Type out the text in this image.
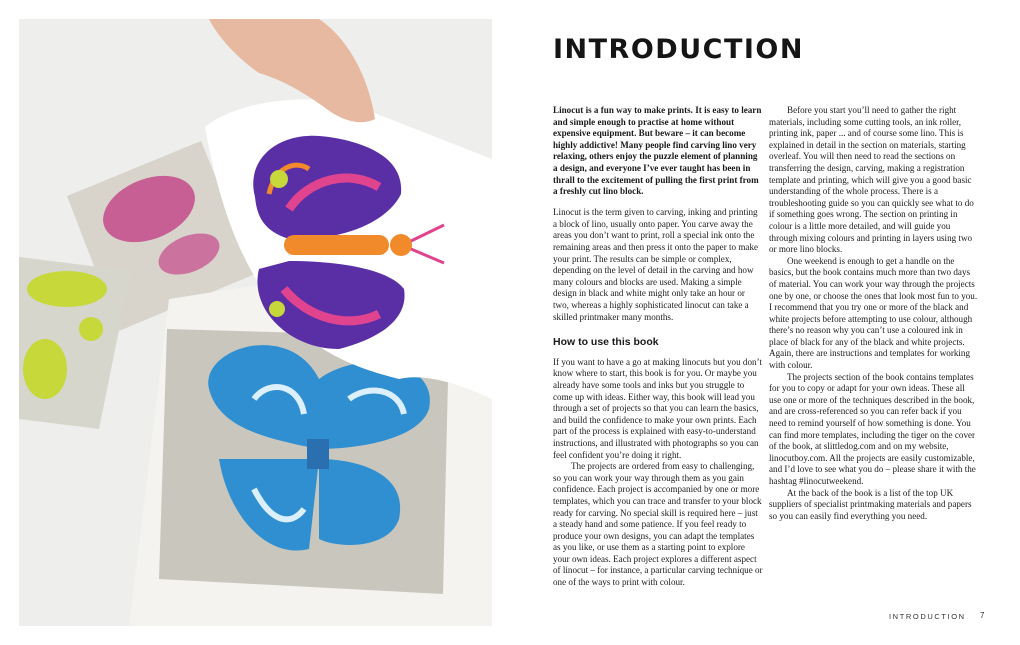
INTRODUCTION

Linocut is a fun way to make prints. It is easy to learn and simple enough to practise at home without expensive equipment. But beware – it can become highly addictive! Many people find carving lino very relaxing, others enjoy the puzzle element of planning a design, and everyone I’ve ever taught has been in thrall to the excitement of pulling the first print from a freshly cut lino block.

Linocut is the term given to carving, inking and printing a block of lino, usually onto paper. You carve away the areas you don’t want to print, roll a special ink onto the remaining areas and then press it onto the paper to make your print. The results can be simple or complex, depending on the level of detail in the carving and how many colours and blocks are used. Making a simple design in black and white might only take an hour or two, whereas a highly sophisticated linocut can take a skilled printmaker many months.

How to use this book

If you want to have a go at making linocuts but you don’t know where to start, this book is for you. Or maybe you already have some tools and inks but you struggle to come up with ideas. Either way, this book will lead you through a set of projects so that you can learn the basics, and build the confidence to make your own prints. Each part of the process is explained with easy-to-understand instructions, and illustrated with photographs so you can feel confident you’re doing it right.

The projects are ordered from easy to challenging, so you can work your way through them as you gain confidence. Each project is accompanied by one or more templates, which you can trace and transfer to your block ready for carving. No special skill is required here – just a steady hand and some patience. If you feel ready to produce your own designs, you can adapt the templates as you like, or use them as a starting point to explore your own ideas. Each project explores a different aspect of linocut – for instance, a particular carving technique or one of the ways to print with colour.

Before you start you’ll need to gather the right materials, including some cutting tools, an ink roller, printing ink, paper ... and of course some lino. This is explained in detail in the section on materials, starting overleaf. You will then need to read the sections on transferring the design, carving, making a registration template and printing, which will give you a good basic understanding of the whole process. There is a troubleshooting guide so you can quickly see what to do if something goes wrong. The section on printing in colour is a little more detailed, and will guide you through mixing colours and printing in layers using two or more lino blocks.

One weekend is enough to get a handle on the basics, but the book contains much more than two days of material. You can work your way through the projects one by one, or choose the ones that look most fun to you. I recommend that you try one or more of the black and white projects before attempting to use colour, although there’s no reason why you can’t use a coloured ink in place of black for any of the black and white projects. Again, there are instructions and templates for working with colour.

The projects section of the book contains templates for you to copy or adapt for your own ideas. These all use one or more of the techniques described in the book, and are cross-referenced so you can refer back if you need to remind yourself of how something is done. You can find more templates, including the tiger on the cover of the book, at slittledog.com and on my website, linocutboy.com. All the projects are easily customizable, and I’d love to see what you do – please share it with the hashtag #linocutweekend.

At the back of the book is a list of the top UK suppliers of specialist printmaking materials and papers so you can easily find everything you need.

INTRODUCTION 7
